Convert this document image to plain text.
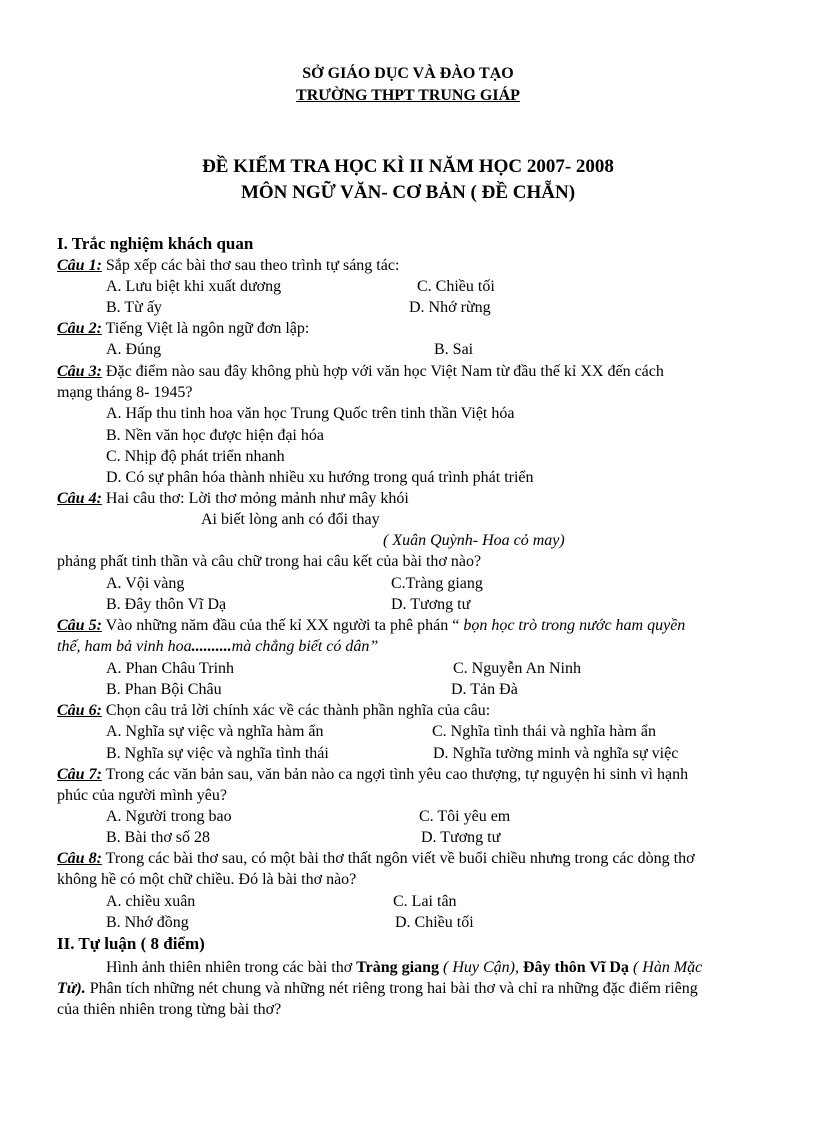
SỞ GIÁO DỤC VÀ ĐÀO TẠO
TRƯỜNG THPT TRUNG GIÁP
ĐỀ KIỂM TRA HỌC KÌ II NĂM HỌC 2007- 2008
MÔN NGỮ VĂN- CƠ BẢN ( ĐỀ CHẴN)
I. Trắc nghiệm khách quan
Câu 1: Sắp xếp các bài thơ sau theo trình tự sáng tác:
A. Lưu biệt khi xuất dương	C. Chiều tối
B. Từ ấy	D. Nhớ rừng
Câu 2: Tiếng Việt là ngôn ngữ đơn lập:
A. Đúng	B. Sai
Câu 3: Đặc điểm nào sau đây không phù hợp với văn học Việt Nam từ đầu thế kỉ XX đến cách
mạng tháng 8- 1945?
A. Hấp thu tinh hoa văn học Trung Quốc trên tinh thần Việt hóa
B. Nền văn học được hiện đại hóa
C. Nhịp độ phát triển nhanh
D. Có sự phân hóa thành nhiều xu hướng trong quá trình phát triển
Câu 4: Hai câu thơ: Lời thơ mỏng mảnh như mây khói
Ai biết lòng anh có đổi thay
( Xuân Quỳnh- Hoa cỏ may)
phảng phất tinh thần và câu chữ trong hai câu kết của bài thơ nào?
A. Vội vàng	C.Tràng giang
B. Đây thôn Vĩ Dạ	D. Tương tư
Câu 5: Vào những năm đầu của thế kỉ XX người ta phê phán “ bọn học trò trong nước ham quyền
thế, ham bả vinh hoa..........mà chẳng biết có dân”
A. Phan Châu Trinh	C. Nguyễn An Ninh
B. Phan Bội Châu	D. Tản Đà
Câu 6: Chọn câu trả lời chính xác về các thành phần nghĩa của câu:
A. Nghĩa sự việc và nghĩa hàm ẩn	C. Nghĩa tình thái và nghĩa hàm ẩn
B. Nghĩa sự việc và nghĩa tình thái	D. Nghĩa tường minh và nghĩa sự việc
Câu 7: Trong các văn bản sau, văn bản nào ca ngợi tình yêu cao thượng, tự nguyện hi sinh vì hạnh
phúc của người mình yêu?
A. Người trong bao	C. Tôi yêu em
B. Bài thơ số 28	D. Tương tư
Câu 8: Trong các bài thơ sau, có một bài thơ thất ngôn viết về buổi chiều nhưng trong các dòng thơ
không hề có một chữ chiều. Đó là bài thơ nào?
A. chiều xuân	C. Lai tân
B. Nhớ đồng	D. Chiều tối
II. Tự luận ( 8 điểm)
Hình ảnh thiên nhiên trong các bài thơ Tràng giang ( Huy Cận), Đây thôn Vĩ Dạ ( Hàn Mặc
Tử). Phân tích những nét chung và những nét riêng trong hai bài thơ và chỉ ra những đặc điểm riêng
của thiên nhiên trong từng bài thơ?
